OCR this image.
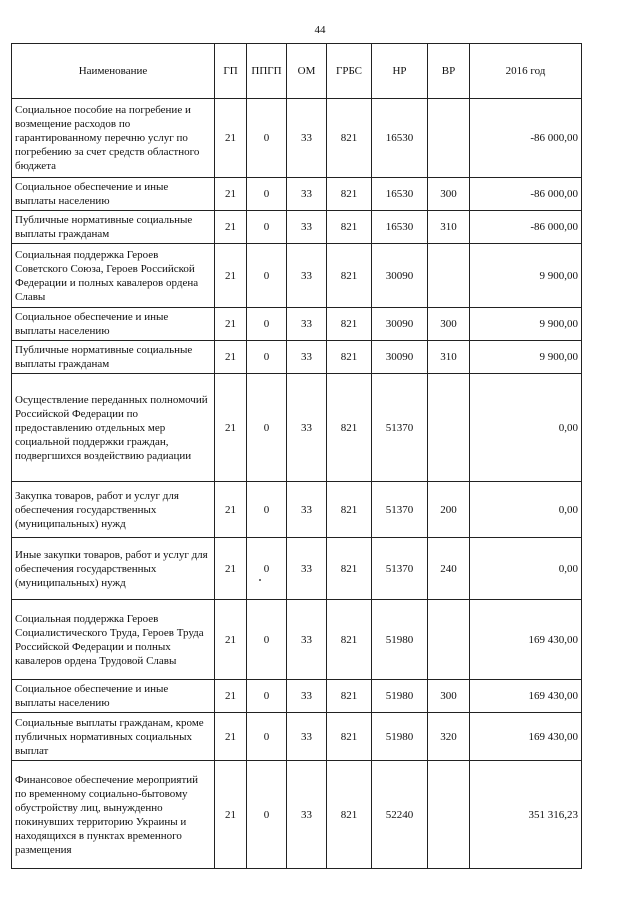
44
Наименование	ГП	ППГП	ОМ	ГРБС	НР	ВР	2016 год
Социальное пособие на погребение и возмещение расходов по гарантированному перечню услуг по погребению за счет средств областного бюджета	21	0	33	821	16530		-86 000,00
Социальное обеспечение и иные выплаты населению	21	0	33	821	16530	300	-86 000,00
Публичные нормативные социальные выплаты гражданам	21	0	33	821	16530	310	-86 000,00
Социальная поддержка Героев Советского Союза, Героев Российской Федерации и полных кавалеров ордена Славы	21	0	33	821	30090		9 900,00
Социальное обеспечение и иные выплаты населению	21	0	33	821	30090	300	9 900,00
Публичные нормативные социальные выплаты гражданам	21	0	33	821	30090	310	9 900,00
Осуществление переданных полномочий Российской Федерации по предоставлению отдельных мер социальной поддержки граждан, подвергшихся воздействию радиации	21	0	33	821	51370		0,00
Закупка товаров, работ и услуг для обеспечения государственных (муниципальных) нужд	21	0	33	821	51370	200	0,00
Иные закупки товаров, работ и услуг для обеспечения государственных (муниципальных) нужд	21	0	33	821	51370	240	0,00
Социальная поддержка Героев Социалистического Труда, Героев Труда Российской Федерации и полных кавалеров ордена Трудовой Славы	21	0	33	821	51980		169 430,00
Социальное обеспечение и иные выплаты населению	21	0	33	821	51980	300	169 430,00
Социальные выплаты гражданам, кроме публичных нормативных социальных выплат	21	0	33	821	51980	320	169 430,00
Финансовое обеспечение мероприятий по временному социально-бытовому обустройству лиц, вынужденно покинувших территорию Украины и находящихся в пунктах временного размещения	21	0	33	821	52240		351 316,23
